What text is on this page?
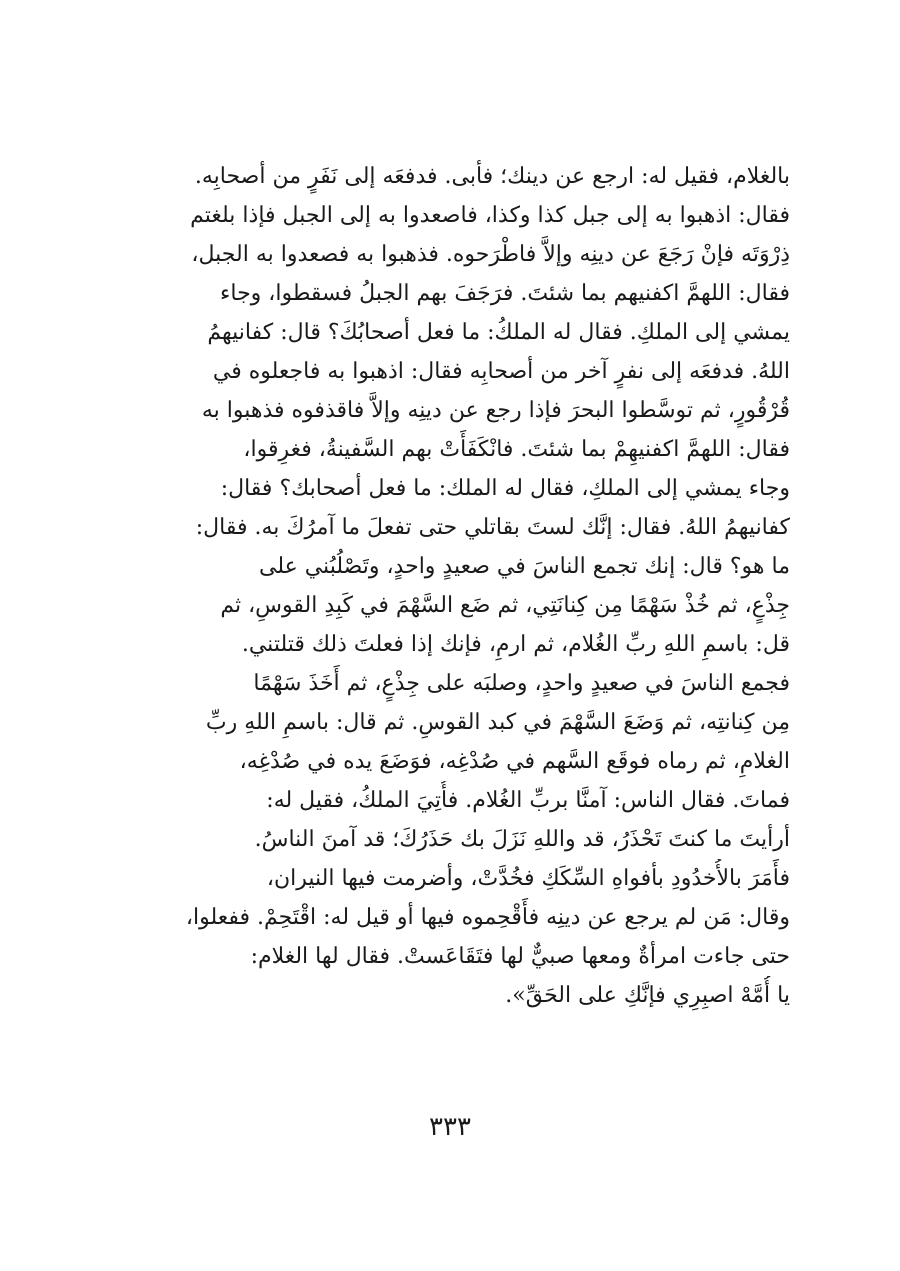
بالغلام، فقيل له: ارجع عن دينك؛ فأبى. فدفعَه إلى نَفَرٍ من أصحابِه.
فقال: اذهبوا به إلى جبل كذا وكذا، فاصعدوا به إلى الجبل فإذا بلغتم
ذِرْوَتَه فإنْ رَجَعَ عن دينِه وإلاَّ فاطْرَحوه. فذهبوا به فصعدوا به الجبل،
فقال: اللهمَّ اكفنيهم بما شئتَ. فرَجَفَ بهم الجبلُ فسقطوا، وجاء
يمشي إلى الملكِ. فقال له الملكُ: ما فعل أصحابُكَ؟ قال: كفانيهمُ
اللهُ. فدفعَه إلى نفرٍ آخر من أصحابِه فقال: اذهبوا به فاجعلوه في
قُرْقُورٍ، ثم توسَّطوا البحرَ فإذا رجع عن دينِه وإلاَّ فاقذفوه فذهبوا به
فقال: اللهمَّ اكفنيهِمْ بما شئتَ. فانْكَفَأَتْ بهم السَّفينةُ، فغرِقوا،
وجاء يمشي إلى الملكِ، فقال له الملك: ما فعل أصحابك؟ فقال:
كفانيهمُ اللهُ. فقال: إنَّك لستَ بقاتلي حتى تفعلَ ما آمرُكَ به. فقال:
ما هو؟ قال: إنك تجمع الناسَ في صعيدٍ واحدٍ، وتَصْلُبُني على
جِذْعٍ، ثم خُذْ سَهْمًا مِن كِنانَتِي، ثم ضَع السَّهْمَ في كَبِدِ القوسِ، ثم
قل: باسمِ اللهِ ربِّ الغُلام، ثم ارمِ، فإنك إذا فعلتَ ذلك قتلتني.
فجمع الناسَ في صعيدٍ واحدٍ، وصلبَه على جِذْعٍ، ثم أَخَذَ سَهْمًا
مِن كِنانتِه، ثم وَضَعَ السَّهْمَ في كبد القوسِ. ثم قال: باسمِ اللهِ ربِّ
الغلامِ، ثم رماه فوقَع السَّهم في صُدْغِه، فوَضَعَ يده في صُدْغِه،
فماتَ. فقال الناس: آمنَّا بربِّ الغُلام. فأُتِيَ الملكُ، فقيل له:
أرأيتَ ما كنتَ تَحْذَرُ، قد واللهِ نَزَلَ بك حَذَرُكَ؛ قد آمنَ الناسُ.
فأَمَرَ بالأُخدُودِ بأفواهِ السِّكَكِ فخُدَّتْ، وأضرمت فيها النيران،
وقال: مَن لم يرجع عن دينِه فأَقْحِموه فيها أو قيل له: اقْتَحِمْ. ففعلوا،
حتى جاءت امرأةٌ ومعها صبيٌّ لها فتَقَاعَستْ. فقال لها الغلام:
يا أُمَّهْ اصبِرِي فإنَّكِ على الحَقِّ».
٣٣٣
